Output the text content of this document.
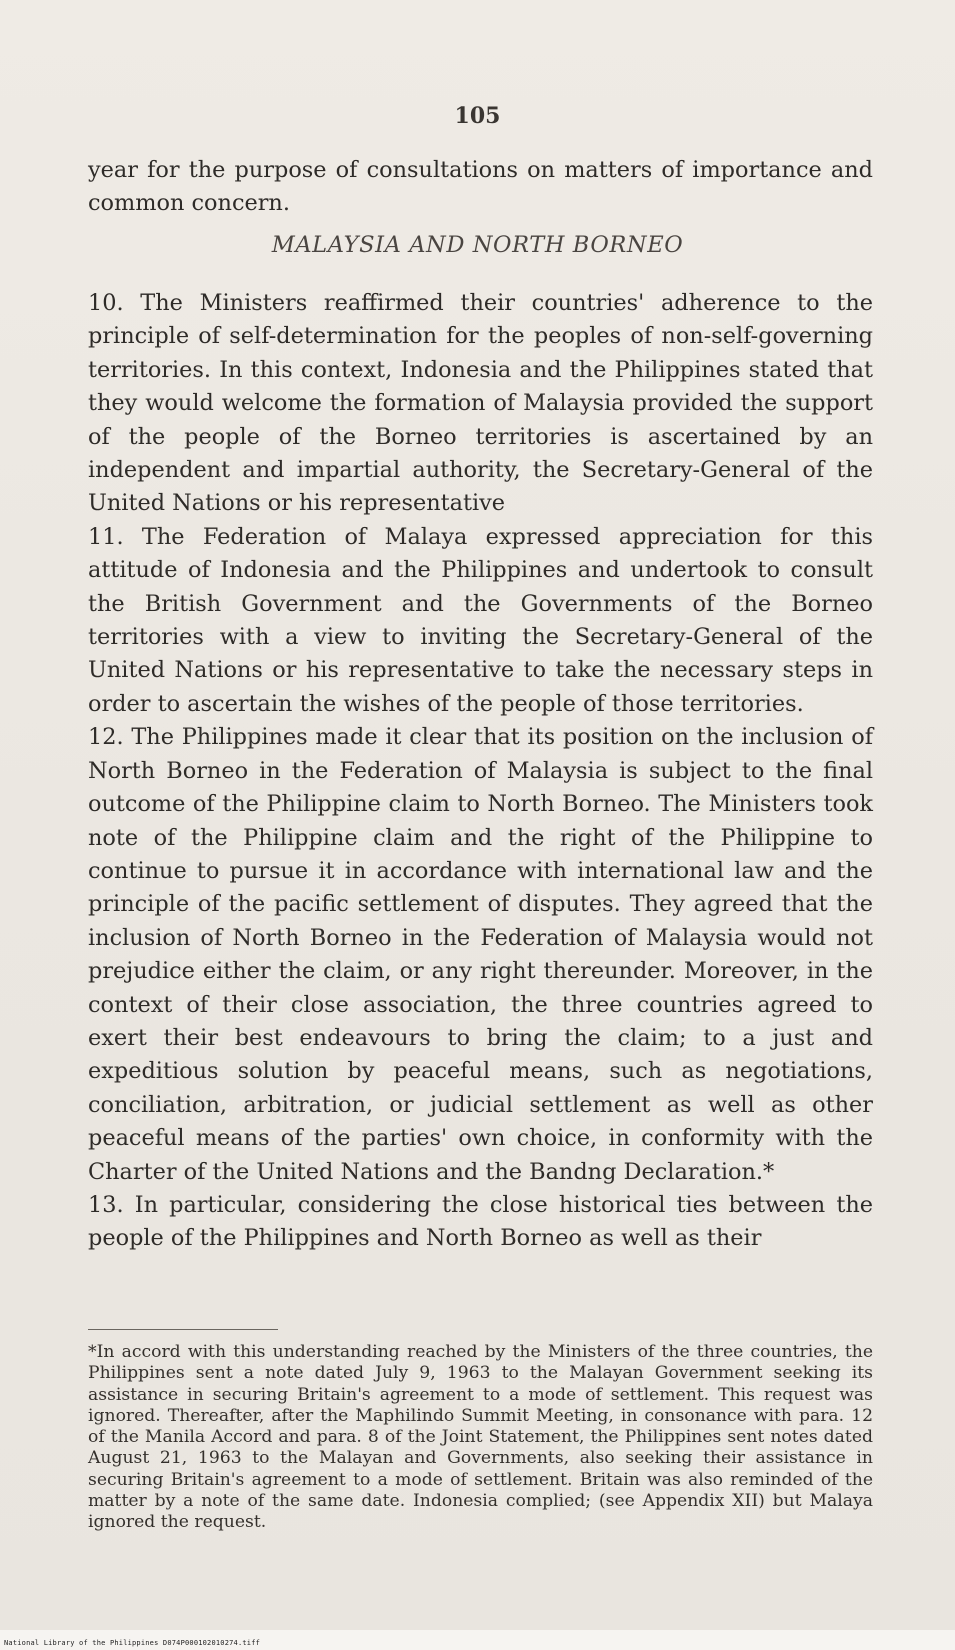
105
year for the purpose of consultations on matters of importance and common concern.
MALAYSIA AND NORTH BORNEO

10. The Ministers reaffirmed their countries' adherence to the principle of self-determination for the peoples of non-self-governing territories. In this context, Indonesia and the Philippines stated that they would welcome the formation of Malaysia provided the support of the people of the Borneo territories is ascertained by an independent and impartial authority, the Secretary-General of the United Nations or his representative

11. The Federation of Malaya expressed appreciation for this attitude of Indonesia and the Philippines and undertook to consult the British Government and the Governments of the Borneo territories with a view to inviting the Secretary-General of the United Nations or his representative to take the necessary steps in order to ascertain the wishes of the people of those territories.

12. The Philippines made it clear that its position on the inclusion of North Borneo in the Federation of Malaysia is subject to the final outcome of the Philippine claim to North Borneo. The Ministers took note of the Philippine claim and the right of the Philippine to continue to pursue it in accordance with international law and the principle of the pacific settlement of disputes. They agreed that the inclusion of North Borneo in the Federation of Malaysia would not prejudice either the claim, or any right thereunder. Moreover, in the context of their close association, the three countries agreed to exert their best endeavours to bring the claim; to a just and expeditious solution by peaceful means, such as negotiations, conciliation, arbitration, or judicial settlement as well as other peaceful means of the parties' own choice, in conformity with the Charter of the United Nations and the Bandng Declaration.*

13. In particular, considering the close historical ties between the people of the Philippines and North Borneo as well as their

*In accord with this understanding reached by the Ministers of the three countries, the Philippines sent a note dated July 9, 1963 to the Malayan Government seeking its assistance in securing Britain's agreement to a mode of settlement. This request was ignored. Thereafter, after the Maphilindo Summit Meeting, in consonance with para. 12 of the Manila Accord and para. 8 of the Joint Statement, the Philippines sent notes dated August 21, 1963 to the Malayan and Governments, also seeking their assistance in securing Britain's agreement to a mode of settlement. Britain was also reminded of the matter by a note of the same date. Indonesia complied; (see Appendix XII) but Malaya ignored the request.
National Library of the Philippines D074P000102010274.tiff
